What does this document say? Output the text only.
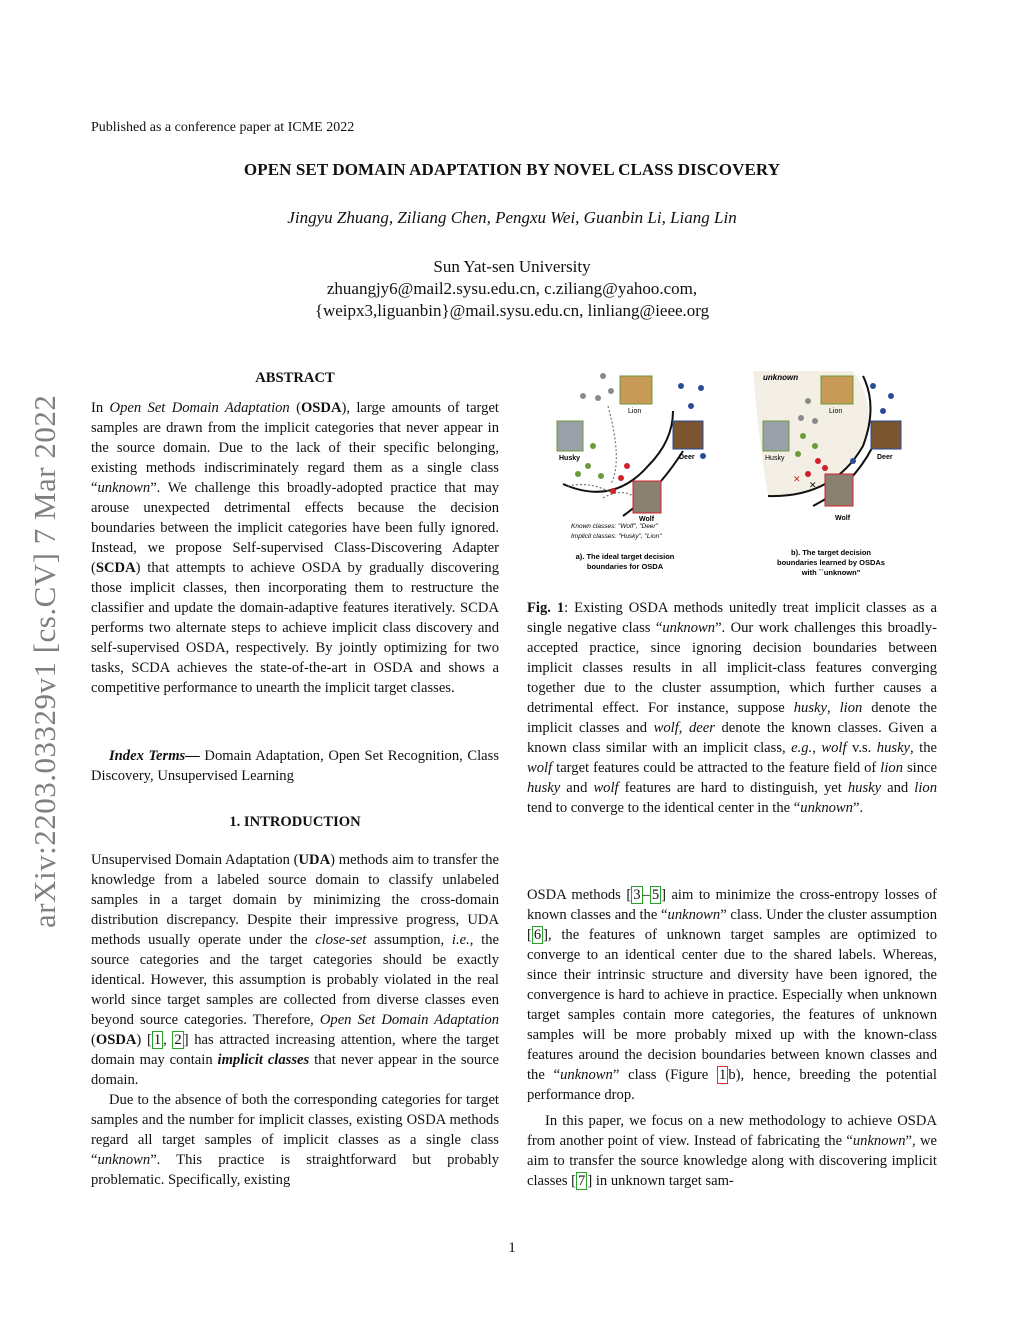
Published as a conference paper at ICME 2022
OPEN SET DOMAIN ADAPTATION BY NOVEL CLASS DISCOVERY
Jingyu Zhuang, Ziliang Chen, Pengxu Wei, Guanbin Li, Liang Lin
Sun Yat-sen University
zhuangjy6@mail2.sysu.edu.cn, c.ziliang@yahoo.com,
{weipx3,liguanbin}@mail.sysu.edu.cn, linliang@ieee.org
arXiv:2203.03329v1 [cs.CV] 7 Mar 2022
ABSTRACT

In Open Set Domain Adaptation (OSDA), large amounts of target samples are drawn from the implicit categories that never appear in the source domain. Due to the lack of their specific belonging, existing methods indiscriminately regard them as a single class “unknown”. We challenge this broadly-adopted practice that may arouse unexpected detrimental effects because the decision boundaries between the implicit categories have been fully ignored. Instead, we propose Self-supervised Class-Discovering Adapter (SCDA) that attempts to achieve OSDA by gradually discovering those implicit classes, then incorporating them to restructure the classifier and update the domain-adaptive features iteratively. SCDA performs two alternate steps to achieve implicit class discovery and self-supervised OSDA, respectively. By jointly optimizing for two tasks, SCDA achieves the state-of-the-art in OSDA and shows a competitive performance to unearth the implicit target classes.

Index Terms— Domain Adaptation, Open Set Recognition, Class Discovery, Unsupervised Learning

1. INTRODUCTION

Unsupervised Domain Adaptation (UDA) methods aim to transfer the knowledge from a labeled source domain to classify unlabeled samples in a target domain by minimizing the cross-domain distribution discrepancy. Despite their impressive progress, UDA methods usually operate under the close-set assumption, i.e., the source categories and the target categories should be exactly identical. However, this assumption is probably violated in the real world since target samples are collected from diverse classes even beyond source categories. Therefore, Open Set Domain Adaptation (OSDA) [ 1 , 2 ] has attracted increasing attention, where the target domain may contain implicit classes that never appear in the source domain.

Due to the absence of both the corresponding categories for target samples and the number for implicit classes, existing OSDA methods regard all target samples of implicit classes as a single class “unknown”. This practice is straightforward but probably problematic. Specifically, existing

Lion
Husky	Deer
Wolf
Known classes: "Wolf", "Deer"
Implicit classes: "Husky", "Lion"
a). The ideal target decision
boundaries for OSDA
unknown
Lion
Husky	Deer
Wolf
✕
✕
b). The target decision
boundaries learned by OSDAs
with ``unknown"

Fig. 1: Existing OSDA methods unitedly treat implicit classes as a single negative class “unknown”. Our work challenges this broadly-accepted practice, since ignoring decision boundaries between implicit classes results in all implicit-class features converging together due to the cluster assumption, which further causes a detrimental effect. For instance, suppose husky, lion denote the implicit classes and wolf, deer denote the known classes. Given a known class similar with an implicit class, e.g., wolf v.s. husky, the wolf target features could be attracted to the feature field of lion since husky and wolf features are hard to distinguish, yet husky and lion tend to converge to the identical center in the “unknown”.

OSDA methods [ 3 – 5 ] aim to minimize the cross-entropy losses of known classes and the “unknown” class. Under the cluster assumption [ 6 ], the features of unknown target samples are optimized to converge to an identical center due to the shared labels. Whereas, since their intrinsic structure and diversity have been ignored, the convergence is hard to achieve in practice. Especially when unknown target samples contain more categories, the features of unknown samples will be more probably mixed up with the known-class features around the decision boundaries between known classes and the “unknown” class (Figure 1 b), hence, breeding the potential performance drop.

In this paper, we focus on a new methodology to achieve OSDA from another point of view. Instead of fabricating the “unknown”, we aim to transfer the source knowledge along with discovering implicit classes [ 7 ] in unknown target sam-

1
